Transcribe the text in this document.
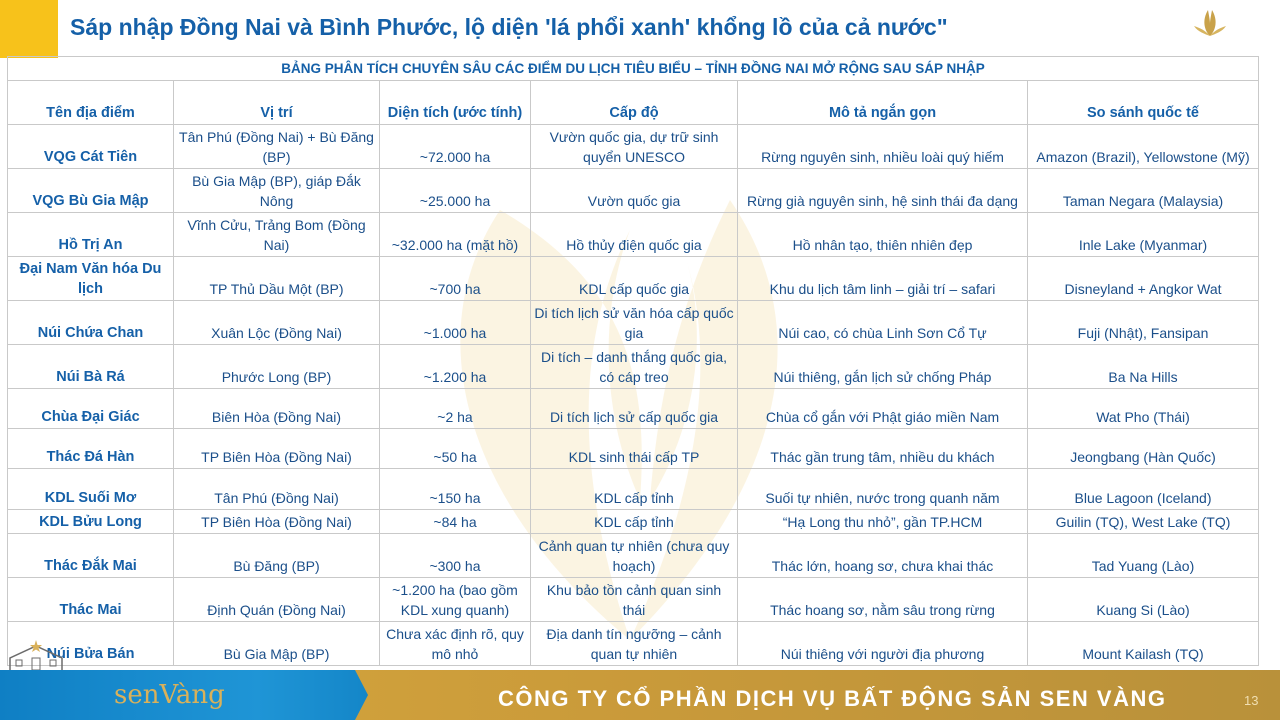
Sáp nhập Đồng Nai và Bình Phước, lộ diện 'lá phổi xanh' khổng lồ của cả nước"
BẢNG PHÂN TÍCH CHUYÊN SÂU CÁC ĐIỂM DU LỊCH TIÊU BIỂU – TỈNH ĐỒNG NAI MỞ RỘNG SAU SÁP NHẬP					
Tên địa điểm	Vị trí	Diện tích (ước tính)	Cấp độ	Mô tả ngắn gọn	So sánh quốc tế
VQG Cát Tiên	Tân Phú (Đồng Nai) + Bù Đăng (BP)	~72.000 ha	Vườn quốc gia, dự trữ sinh quyển UNESCO	Rừng nguyên sinh, nhiều loài quý hiếm	Amazon (Brazil), Yellowstone (Mỹ)
VQG Bù Gia Mập	Bù Gia Mập (BP), giáp Đắk Nông	~25.000 ha	Vườn quốc gia	Rừng già nguyên sinh, hệ sinh thái đa dạng	Taman Negara (Malaysia)
Hồ Trị An	Vĩnh Cửu, Trảng Bom (Đồng Nai)	~32.000 ha (mặt hồ)	Hồ thủy điện quốc gia	Hồ nhân tạo, thiên nhiên đẹp	Inle Lake (Myanmar)
Đại Nam Văn hóa Du lịch	TP Thủ Dầu Một (BP)	~700 ha	KDL cấp quốc gia	Khu du lịch tâm linh – giải trí – safari	Disneyland + Angkor Wat
Núi Chứa Chan	Xuân Lộc (Đồng Nai)	~1.000 ha	Di tích lịch sử văn hóa cấp quốc gia	Núi cao, có chùa Linh Sơn Cổ Tự	Fuji (Nhật), Fansipan
Núi Bà Rá	Phước Long (BP)	~1.200 ha	Di tích – danh thắng quốc gia, có cáp treo	Núi thiêng, gắn lịch sử chống Pháp	Ba Na Hills
Chùa Đại Giác	Biên Hòa (Đồng Nai)	~2 ha	Di tích lịch sử cấp quốc gia	Chùa cổ gắn với Phật giáo miền Nam	Wat Pho (Thái)
Thác Đá Hàn	TP Biên Hòa (Đồng Nai)	~50 ha	KDL sinh thái cấp TP	Thác gần trung tâm, nhiều du khách	Jeongbang (Hàn Quốc)
KDL Suối Mơ	Tân Phú (Đồng Nai)	~150 ha	KDL cấp tỉnh	Suối tự nhiên, nước trong quanh năm	Blue Lagoon (Iceland)
KDL Bửu Long	TP Biên Hòa (Đồng Nai)	~84 ha	KDL cấp tỉnh	“Hạ Long thu nhỏ”, gần TP.HCM	Guilin (TQ), West Lake (TQ)
Thác Đắk Mai	Bù Đăng (BP)	~300 ha	Cảnh quan tự nhiên (chưa quy hoạch)	Thác lớn, hoang sơ, chưa khai thác	Tad Yuang (Lào)
Thác Mai	Định Quán (Đồng Nai)	~1.200 ha (bao gồm KDL xung quanh)	Khu bảo tồn cảnh quan sinh thái	Thác hoang sơ, nằm sâu trong rừng	Kuang Si (Lào)
Núi Bửa Bán	Bù Gia Mập (BP)	Chưa xác định rõ, quy mô nhỏ	Địa danh tín ngưỡng – cảnh quan tự nhiên	Núi thiêng với người địa phương	Mount Kailash (TQ)
senVàng	CÔNG TY CỔ PHẦN DỊCH VỤ BẤT ĐỘNG SẢN SEN VÀNG	13
